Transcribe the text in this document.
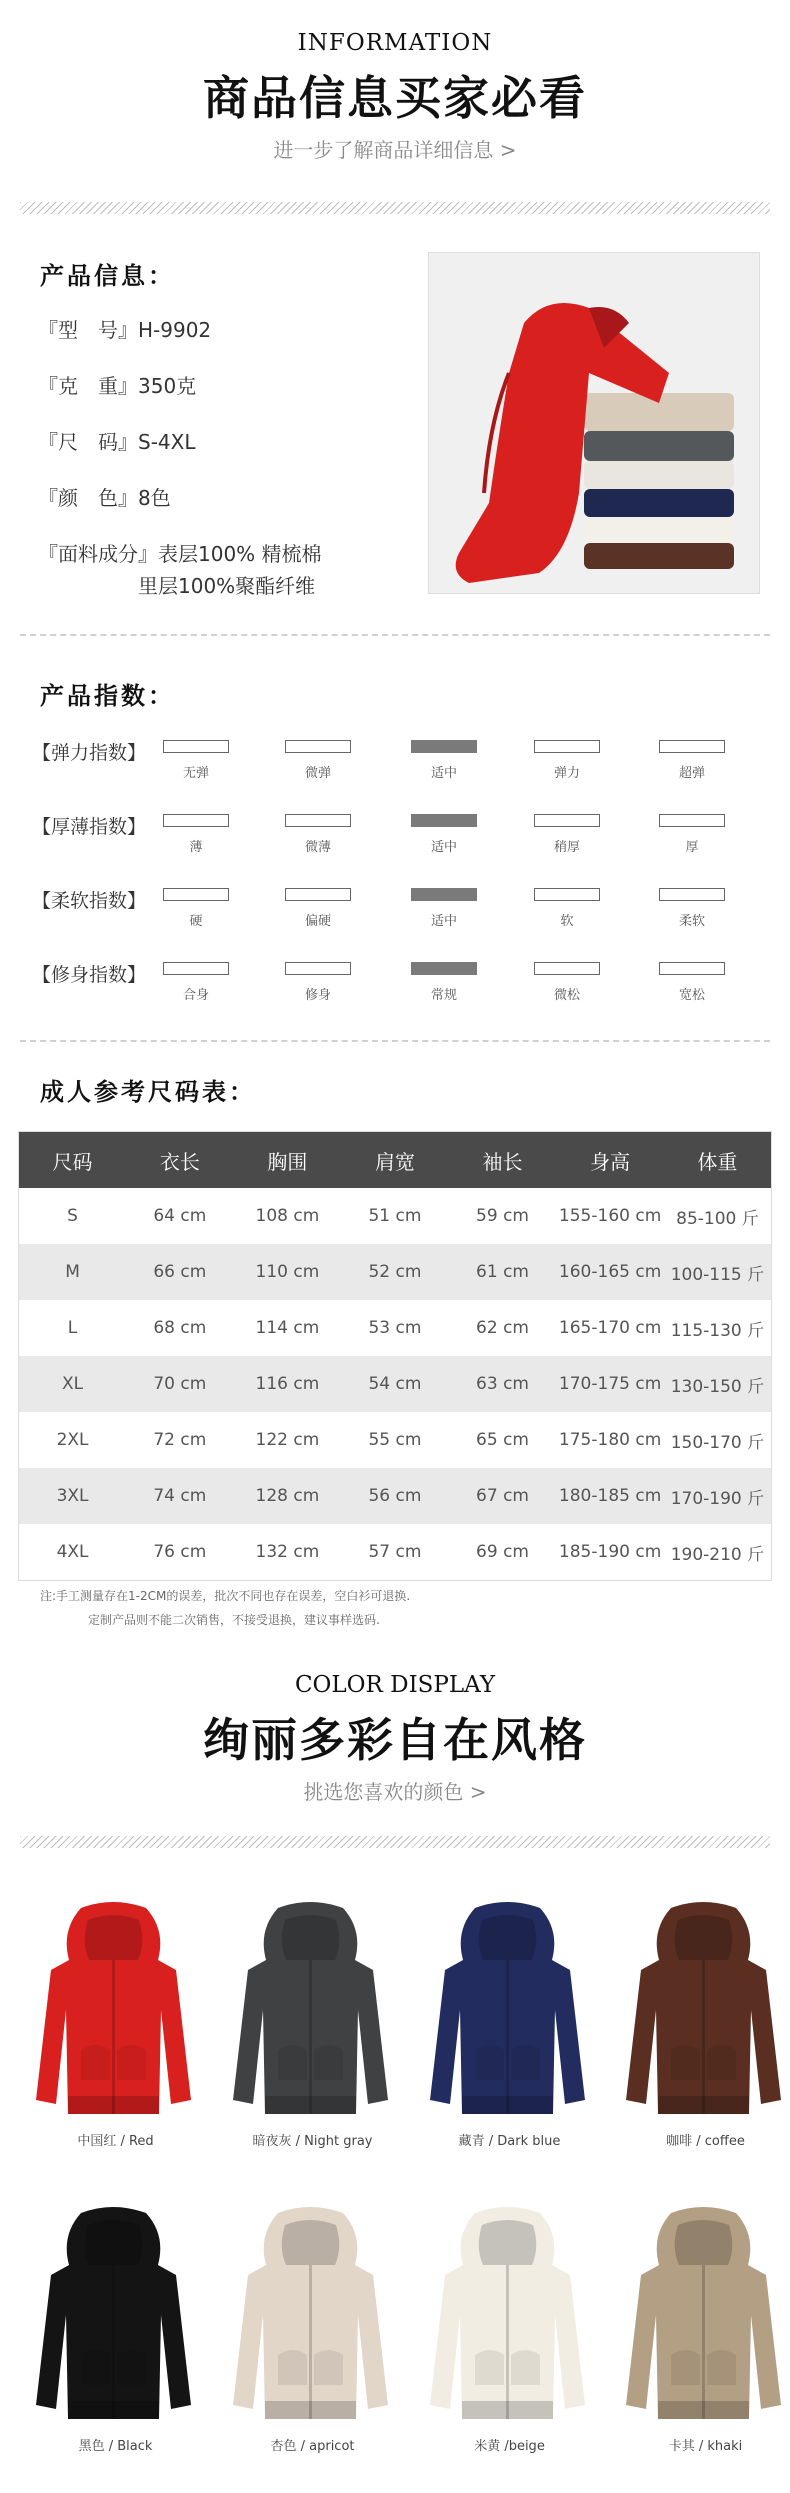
INFORMATION
商品信息买家必看
进一步了解商品详细信息 >
产品信息：
『型　号』H-9902
『克　重』350克
『尺　码』S-4XL
『颜　色』8色
『面料成分』表层100% 精梳棉
　　　　　里层100%聚酯纤维
产品指数：
【弹力指数】
无弹	微弹	适中	弹力	超弹
【厚薄指数】
薄	微薄	适中	稍厚	厚
【柔软指数】
硬	偏硬	适中	软	柔软
【修身指数】
合身	修身	常规	微松	宽松
成人参考尺码表：
尺码	衣长	胸围	肩宽	袖长	身高	体重
S	64 cm	108 cm	51 cm	59 cm	155-160 cm	85-100 斤
M	66 cm	110 cm	52 cm	61 cm	160-165 cm	100-115 斤
L	68 cm	114 cm	53 cm	62 cm	165-170 cm	115-130 斤
XL	70 cm	116 cm	54 cm	63 cm	170-175 cm	130-150 斤
2XL	72 cm	122 cm	55 cm	65 cm	175-180 cm	150-170 斤
3XL	74 cm	128 cm	56 cm	67 cm	180-185 cm	170-190 斤
4XL	76 cm	132 cm	57 cm	69 cm	185-190 cm	190-210 斤
注:手工测量存在1-2CM的误差，批次不同也存在误差，空白衫可退换.
定制产品则不能二次销售，不接受退换，建议事样选码.
COLOR DISPLAY
绚丽多彩自在风格
挑选您喜欢的颜色 >
中国红 / Red	暗夜灰 / Night gray	藏青 / Dark blue	咖啡 / coffee
黑色 / Black	杏色 / apricot	米黄 /beige	卡其 / khaki
